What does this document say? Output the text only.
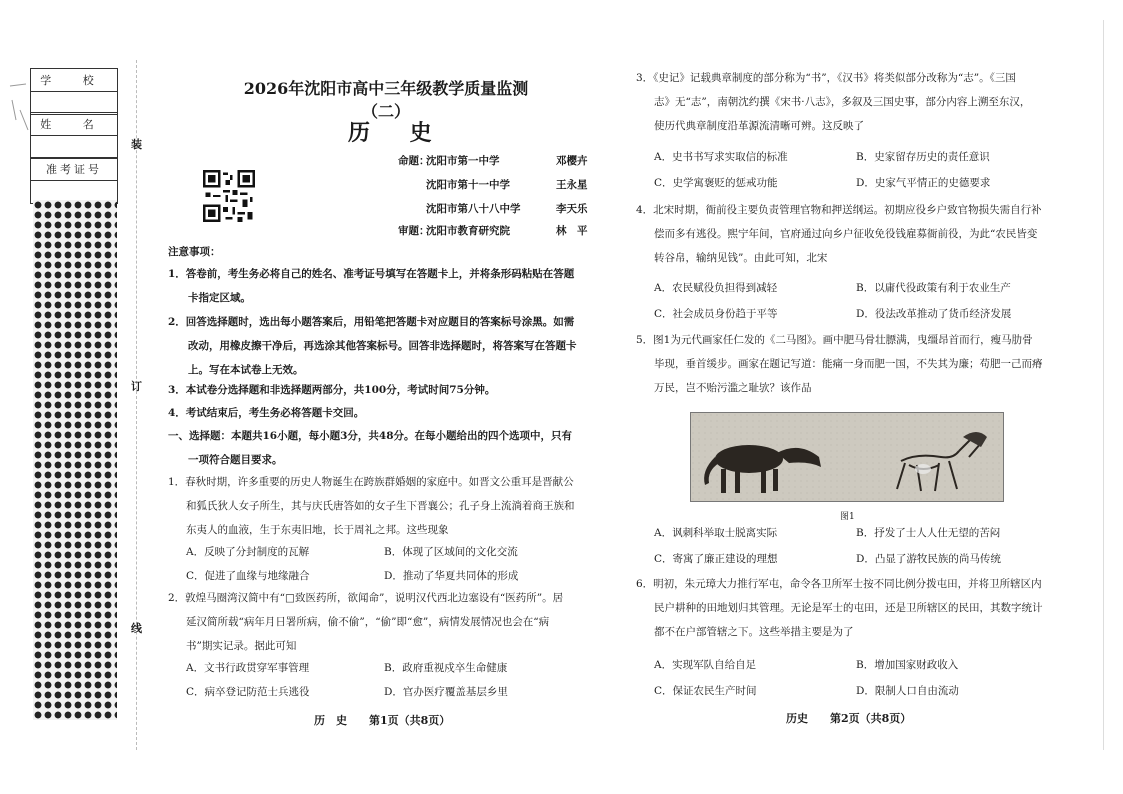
学 校
姓 名
准考证号
装
订
线
2026年沈阳市高中三年级教学质量监测（二）
历 史
命题：
沈阳市第一中学	邓樱卉
沈阳市第十一中学	王永星
沈阳市第八十八中学	李天乐
审题：
沈阳市教育研究院	林　平
注意事项：
1．答卷前，考生务必将自己的姓名、准考证号填写在答题卡上，并将条形码粘贴在答题
卡指定区域。
2．回答选择题时，选出每小题答案后，用铅笔把答题卡对应题目的答案标号涂黑。如需
改动，用橡皮擦干净后，再选涂其他答案标号。回答非选择题时，将答案写在答题卡
上。写在本试卷上无效。
3．本试卷分选择题和非选择题两部分，共100分，考试时间75分钟。
4．考试结束后，考生务必将答题卡交回。
一、选择题：本题共16小题，每小题3分，共48分。在每小题给出的四个选项中，只有
一项符合题目要求。
1．春秋时期，许多重要的历史人物诞生在跨族群婚姻的家庭中。如晋文公重耳是晋献公
和狐氏狄人女子所生，其与庆氏唐答如的女子生下晋襄公；孔子身上流淌着商王族和
东夷人的血液，生于东夷旧地，长于周礼之邦。这些现象
A．反映了分封制度的瓦解	B．体现了区域间的文化交流
C．促进了血缘与地缘融合	D．推动了华夏共同体的形成
2．敦煌马圈湾汉简中有“□致医药所，欲闻命”，说明汉代西北边塞设有“医药所”。居
延汉简所载“病年月日署所病，偷不偷”，“偷”即“愈”，病情发展情况也会在“病
书”期实记录。据此可知
A．文书行政贯穿军事管理	B．政府重视戍卒生命健康
C．病卒登记防范士兵逃役	D．官办医疗覆盖基层乡里
历　史　　第1页（共8页）
3．《史记》记载典章制度的部分称为“书”，《汉书》将类似部分改称为“志”。《三国
志》无“志”，南朝沈约撰《宋书·八志》，多叙及三国史事，部分内容上溯至东汉，
使历代典章制度沿革源流清晰可辨。这反映了
A．史书书写求实取信的标准	B．史家留存历史的责任意识
C．史学寓褒贬的惩戒功能	D．史家气平情正的史德要求
4．北宋时期，衙前役主要负责管理官物和押送纲运。初期应役乡户致官物损失需自行补
偿而多有逃役。熙宁年间，官府通过向乡户征收免役钱雇募衙前役，为此“农民皆变
转谷帛，输纳见钱”。由此可知，北宋
A．农民赋役负担得到减轻	B．以庸代役政策有利于农业生产
C．社会成员身份趋于平等	D．役法改革推动了货币经济发展
5．图1为元代画家任仁发的《二马图》。画中肥马骨壮膘满，曳缰昂首而行，瘦马肋骨
毕现，垂首缓步。画家在题记写道：能痛一身而肥一国，不失其为廉；苟肥一己而瘠
万民，岂不贻污滥之耻欤？该作品
图1
A．讽刺科举取士脱离实际	B．抒发了士人人仕无望的苦闷
C．寄寓了廉正建设的理想	D．凸显了游牧民族的尚马传统
6．明初，朱元璋大力推行军屯，命令各卫所军士按不同比例分拨屯田，并将卫所辖区内
民户耕种的田地划归其管理。无论是军士的屯田，还是卫所辖区的民田，其数字统计
都不在户部管辖之下。这些举措主要是为了
A．实现军队自给自足	B．增加国家财政收入
C．保证农民生产时间	D．限制人口自由流动
历史　　第2页（共8页）
